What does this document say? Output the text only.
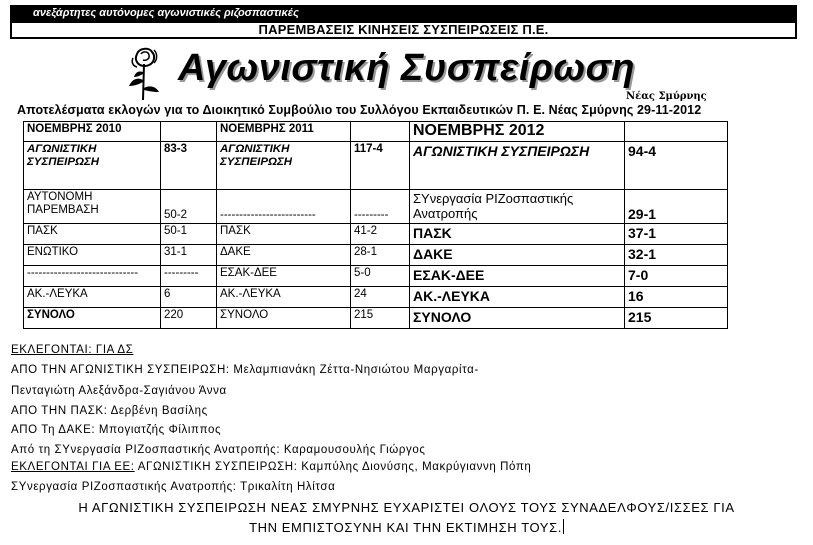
ανεξάρτητες αυτόνομες αγωνιστικές ριζοσπαστικές
ΠΑΡΕΜΒΑΣΕΙΣ ΚΙΝΗΣΕΙΣ ΣΥΣΠΕΙΡΩΣΕΙΣ Π.Ε.
Αγωνιστική Συσπείρωση
Νέας Σμύρνης
Αποτελέσματα εκλογών για το Διοικητικό Συμβούλιο του Συλλόγου Εκπαιδευτικών Π. Ε. Νέας Σμύρνης 29-11-2012
ΝΟΕΜΒΡΗΣ 2010		ΝΟΕΜΒΡΗΣ 2011		ΝΟΕΜΒΡΗΣ 2012	
ΑΓΩΝΙΣΤΙΚΗ ΣΥΣΠΕΙΡΩΣΗ	83-3	ΑΓΩΝΙΣΤΙΚΗ ΣΥΣΠΕΙΡΩΣΗ	117-4	ΑΓΩΝΙΣΤΙΚΗ ΣΥΣΠΕΙΡΩΣΗ	94-4
ΑΥΤΟΝΟΜΗ ΠΑΡΕΜΒΑΣΗ	50-2	-------------------------	---------	ΣΥνεργασία ΡΙΖοσπαστικής Ανατροπής	29-1
ΠΑΣΚ	50-1	ΠΑΣΚ	41-2	ΠΑΣΚ	37-1
ΕΝΩΤΙΚΟ	31-1	ΔΑΚΕ	28-1	ΔΑΚΕ	32-1
-----------------------------	---------	ΕΣΑΚ-ΔΕΕ	5-0	ΕΣΑΚ-ΔΕΕ	7-0
ΑΚ.-ΛΕΥΚΑ	6	ΑΚ.-ΛΕΥΚΑ	24	ΑΚ.-ΛΕΥΚΑ	16
ΣΥΝΟΛΟ	220	ΣΥΝΟΛΟ	215	ΣΥΝΟΛΟ	215
ΕΚΛΕΓΟΝΤΑΙ: ΓΙΑ ΔΣ
ΑΠΟ ΤΗΝ ΑΓΩΝΙΣΤΙΚΗ ΣΥΣΠΕΙΡΩΣΗ: Μελαμπιανάκη Ζέττα-Νησιώτου Μαργαρίτα-
Πενταγιώτη Αλεξάνδρα-Σαγιάνου Άννα
ΑΠΟ ΤΗΝ ΠΑΣΚ: Δερβένη Βασίλης
ΑΠΟ Τη ΔΑΚΕ: Μπογιατζής Φίλιππος
Από τη ΣΥνεργασία ΡΙΖοσπαστικής Ανατροπής: Καραμουσουλής Γιώργος
ΕΚΛΕΓΟΝΤΑΙ ΓΙΑ ΕΕ: ΑΓΩΝΙΣΤΙΚΗ ΣΥΣΠΕΙΡΩΣΗ: Καμπύλης Διονύσης, Μακρύγιαννη Πόπη
ΣΥνεργασία ΡΙΖοσπαστικής Ανατροπής: Τρικαλίτη Ηλίτσα
Η ΑΓΩΝΙΣΤΙΚΗ ΣΥΣΠΕΙΡΩΣΗ ΝΕΑΣ ΣΜΥΡΝΗΣ ΕΥΧΑΡΙΣΤΕΙ ΟΛΟΥΣ ΤΟΥΣ ΣΥΝΑΔΕΛΦΟΥΣ/ΙΣΣΕΣ ΓΙΑ
ΤΗΝ ΕΜΠΙΣΤΟΣΥΝΗ ΚΑΙ ΤΗΝ ΕΚΤΙΜΗΣΗ ΤΟΥΣ.
